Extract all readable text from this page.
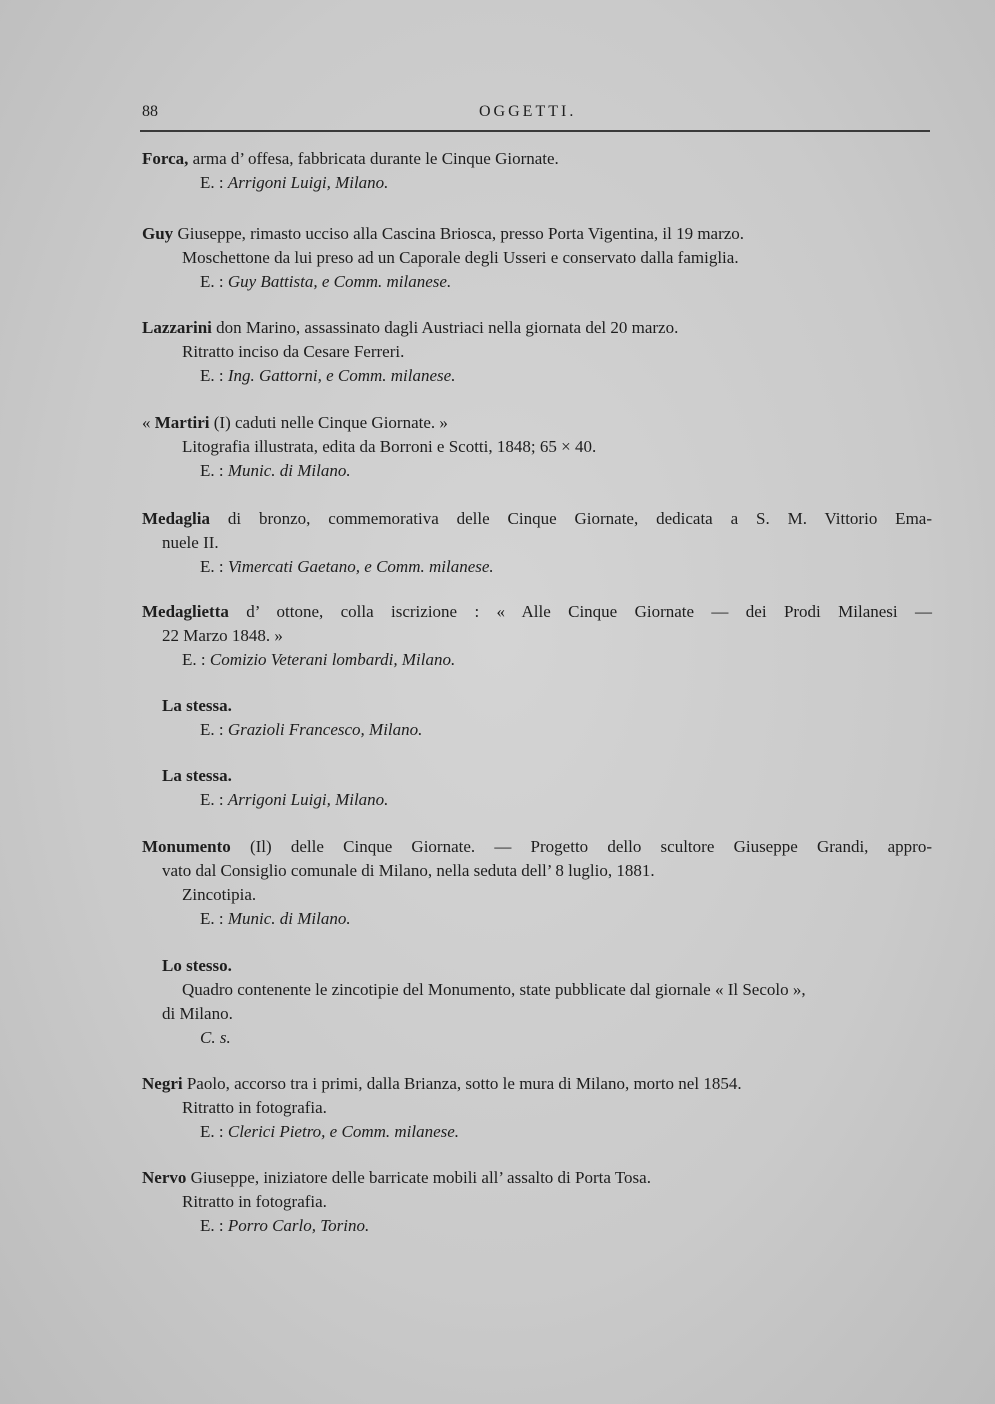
88	OGGETTI.

Forca, arma d’ offesa, fabbricata durante le Cinque Giornate.

E. : Arrigoni Luigi, Milano.

Guy Giuseppe, rimasto ucciso alla Cascina Briosca, presso Porta Vigentina, il 19 marzo.

Moschettone da lui preso ad un Caporale degli Usseri e conservato dalla famiglia.

E. : Guy Battista, e Comm. milanese.

Lazzarini don Marino, assassinato dagli Austriaci nella giornata del 20 marzo.

Ritratto inciso da Cesare Ferreri.

E. : Ing. Gattorni, e Comm. milanese.

« Martiri (I) caduti nelle Cinque Giornate. »

Litografia illustrata, edita da Borroni e Scotti, 1848; 65 × 40.

E. : Munic. di Milano.

Medaglia di bronzo, commemorativa delle Cinque Giornate, dedicata a S. M. Vittorio Ema-

nuele II.

E. : Vimercati Gaetano, e Comm. milanese.

Medaglietta d’ ottone, colla iscrizione : « Alle Cinque Giornate — dei Prodi Milanesi —

22 Marzo 1848. »

E. : Comizio Veterani lombardi, Milano.

La stessa.

E. : Grazioli Francesco, Milano.

La stessa.

E. : Arrigoni Luigi, Milano.

Monumento (Il) delle Cinque Giornate. — Progetto dello scultore Giuseppe Grandi, appro-

vato dal Consiglio comunale di Milano, nella seduta dell’ 8 luglio, 1881.

Zincotipia.

E. : Munic. di Milano.

Lo stesso.

Quadro contenente le zincotipie del Monumento, state pubblicate dal giornale « Il Secolo »,

di Milano.

C. s.

Negri Paolo, accorso tra i primi, dalla Brianza, sotto le mura di Milano, morto nel 1854.

Ritratto in fotografia.

E. : Clerici Pietro, e Comm. milanese.

Nervo Giuseppe, iniziatore delle barricate mobili all’ assalto di Porta Tosa.

Ritratto in fotografia.

E. : Porro Carlo, Torino.
